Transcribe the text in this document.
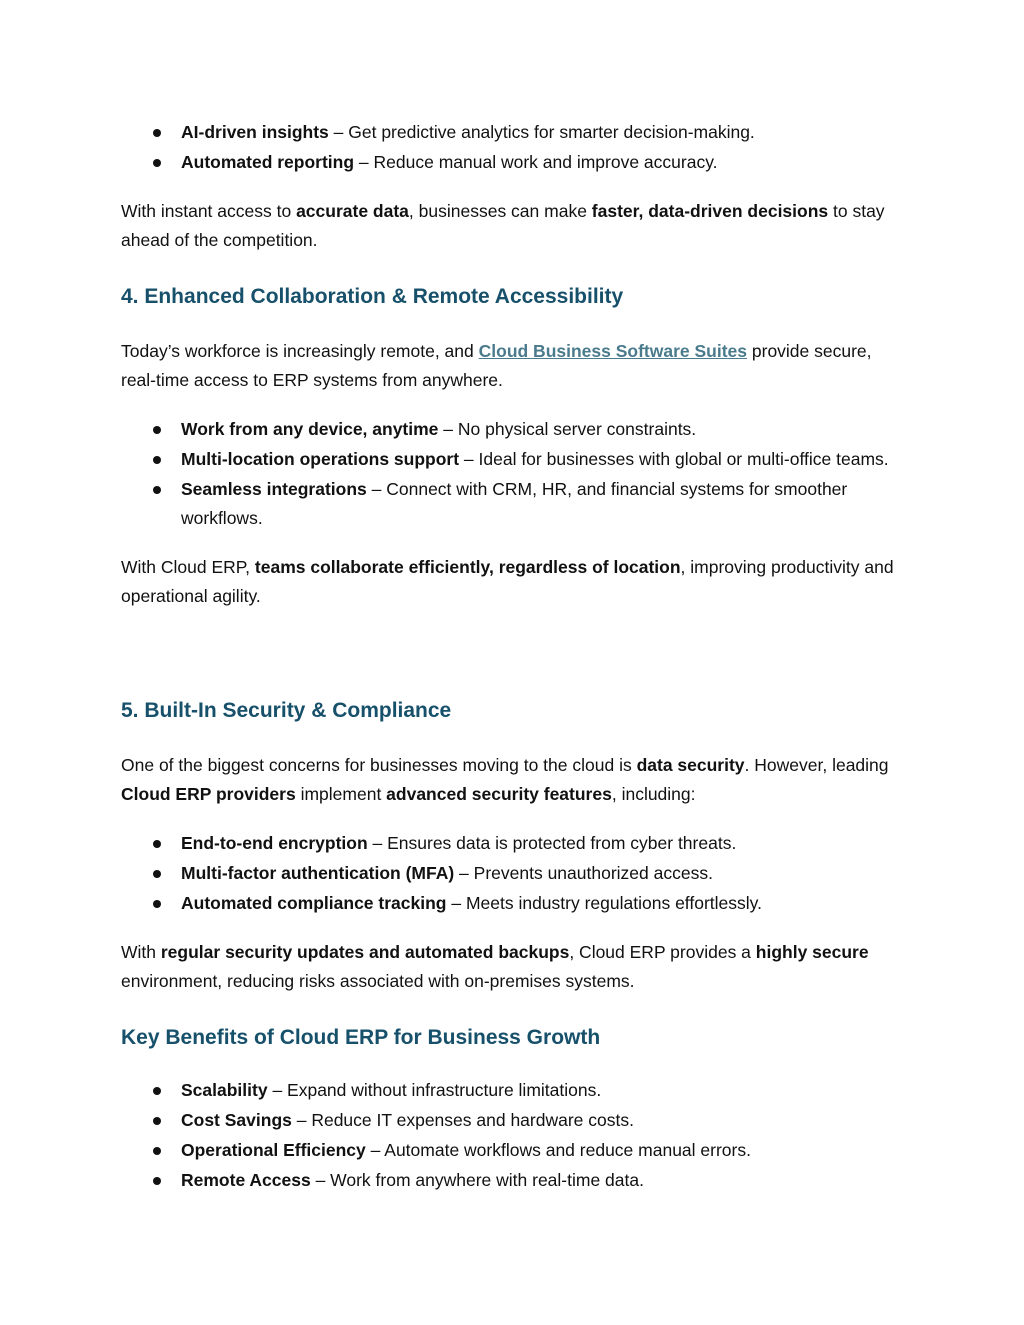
AI-driven insights – Get predictive analytics for smarter decision-making.
Automated reporting – Reduce manual work and improve accuracy.

With instant access to accurate data, businesses can make faster, data-driven decisions to stay ahead of the competition.

4. Enhanced Collaboration & Remote Accessibility

Today’s workforce is increasingly remote, and Cloud Business Software Suites provide secure, real-time access to ERP systems from anywhere.

Work from any device, anytime – No physical server constraints.
Multi-location operations support – Ideal for businesses with global or multi-office teams.
Seamless integrations – Connect with CRM, HR, and financial systems for smoother workflows.

With Cloud ERP, teams collaborate efficiently, regardless of location, improving productivity and operational agility.

5. Built-In Security & Compliance

One of the biggest concerns for businesses moving to the cloud is data security. However, leading Cloud ERP providers implement advanced security features, including:

End-to-end encryption – Ensures data is protected from cyber threats.
Multi-factor authentication (MFA) – Prevents unauthorized access.
Automated compliance tracking – Meets industry regulations effortlessly.

With regular security updates and automated backups, Cloud ERP provides a highly secure environment, reducing risks associated with on-premises systems.

Key Benefits of Cloud ERP for Business Growth
Scalability – Expand without infrastructure limitations.
Cost Savings – Reduce IT expenses and hardware costs.
Operational Efficiency – Automate workflows and reduce manual errors.
Remote Access – Work from anywhere with real-time data.
